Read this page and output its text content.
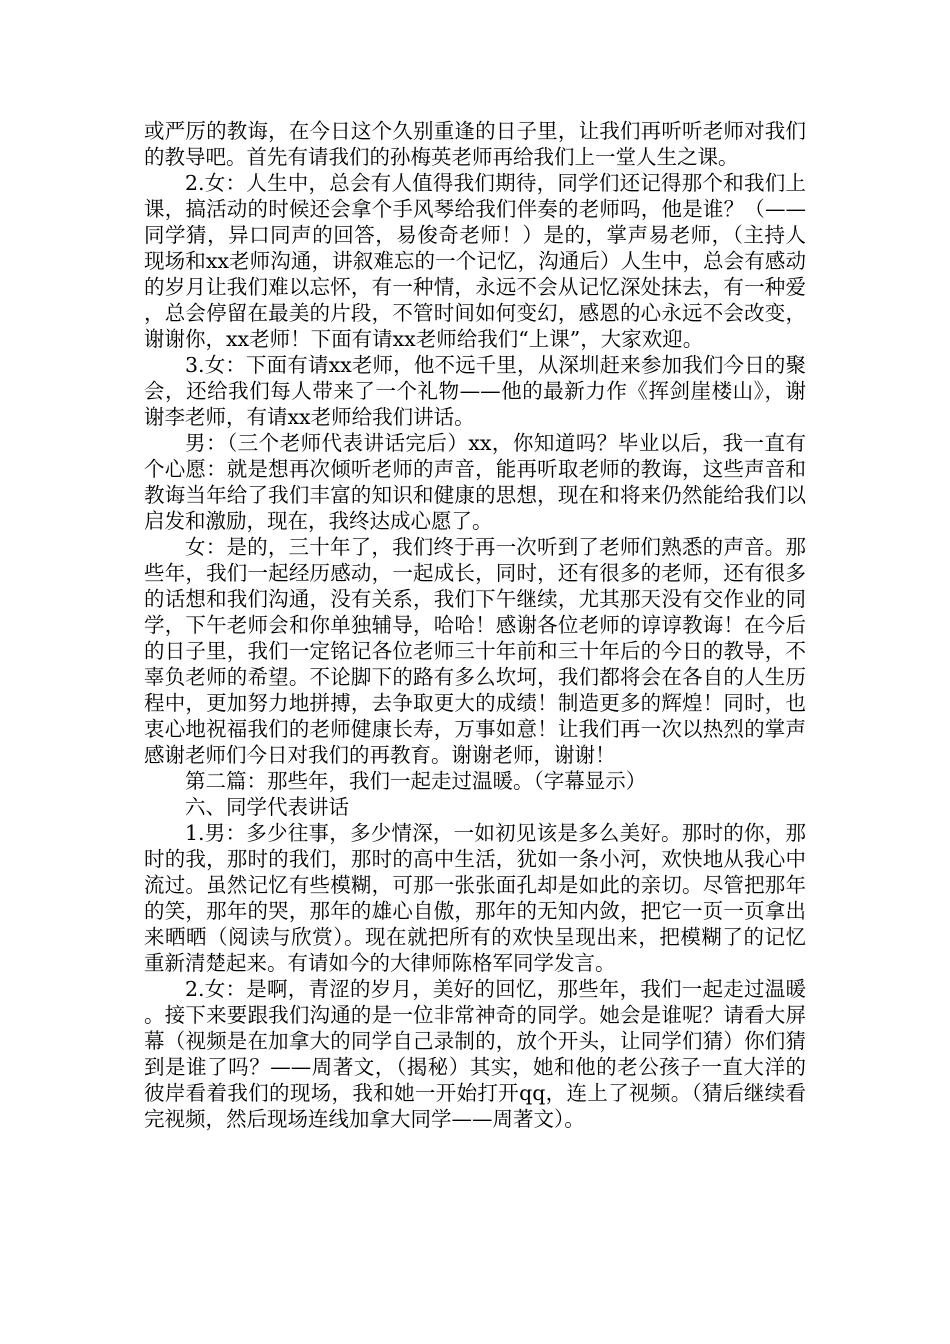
或严厉的教诲，在今日这个久别重逢的日子里，让我们再听听老师对我们的教导吧。首先有请我们的孙梅英老师再给我们上一堂人生之课。

2.女：人生中，总会有人值得我们期待，同学们还记得那个和我们上课，搞活动的时候还会拿个手风琴给我们伴奏的老师吗，他是谁？（——同学猜，异口同声的回答，易俊奇老师！）是的，掌声易老师，（主持人现场和xx老师沟通，讲叙难忘的一个记忆，沟通后）人生中，总会有感动的岁月让我们难以忘怀，有一种情，永远不会从记忆深处抹去，有一种爱，总会停留在最美的片段，不管时间如何变幻，感恩的心永远不会改变，谢谢你，xx老师！下面有请xx老师给我们“上课”，大家欢迎。

3.女：下面有请xx老师，他不远千里，从深圳赶来参加我们今日的聚会，还给我们每人带来了一个礼物——他的最新力作《挥剑崖楼山》，谢谢李老师，有请xx老师给我们讲话。

男：（三个老师代表讲话完后）xx，你知道吗？毕业以后，我一直有个心愿：就是想再次倾听老师的声音，能再听取老师的教诲，这些声音和教诲当年给了我们丰富的知识和健康的思想，现在和将来仍然能给我们以启发和激励，现在，我终达成心愿了。

女：是的，三十年了，我们终于再一次听到了老师们熟悉的声音。那些年，我们一起经历感动，一起成长，同时，还有很多的老师，还有很多的话想和我们沟通，没有关系，我们下午继续，尤其那天没有交作业的同学，下午老师会和你单独辅导，哈哈！感谢各位老师的谆谆教诲！在今后的日子里，我们一定铭记各位老师三十年前和三十年后的今日的教导，不辜负老师的希望。不论脚下的路有多么坎坷，我们都将会在各自的人生历程中，更加努力地拼搏，去争取更大的成绩！制造更多的辉煌！同时，也衷心地祝福我们的老师健康长寿，万事如意！让我们再一次以热烈的掌声感谢老师们今日对我们的再教育。谢谢老师，谢谢！

第二篇：那些年，我们一起走过温暖。（字幕显示）

六、同学代表讲话

1.男：多少往事，多少情深，一如初见该是多么美好。那时的你，那时的我，那时的我们，那时的高中生活，犹如一条小河，欢快地从我心中流过。虽然记忆有些模糊，可那一张张面孔却是如此的亲切。尽管把那年的笑，那年的哭，那年的雄心自傲，那年的无知内敛，把它一页一页拿出来晒晒（阅读与欣赏）。现在就把所有的欢快呈现出来，把模糊了的记忆重新清楚起来。有请如今的大律师陈格军同学发言。

2.女：是啊，青涩的岁月，美好的回忆，那些年，我们一起走过温暖。接下来要跟我们沟通的是一位非常神奇的同学。她会是谁呢？请看大屏幕（视频是在加拿大的同学自己录制的，放个开头，让同学们猜）你们猜到是谁了吗？——周著文，（揭秘）其实，她和他的老公孩子一直大洋的彼岸看着我们的现场，我和她一开始打开qq，连上了视频。（猜后继续看完视频，然后现场连线加拿大同学——周著文）。
